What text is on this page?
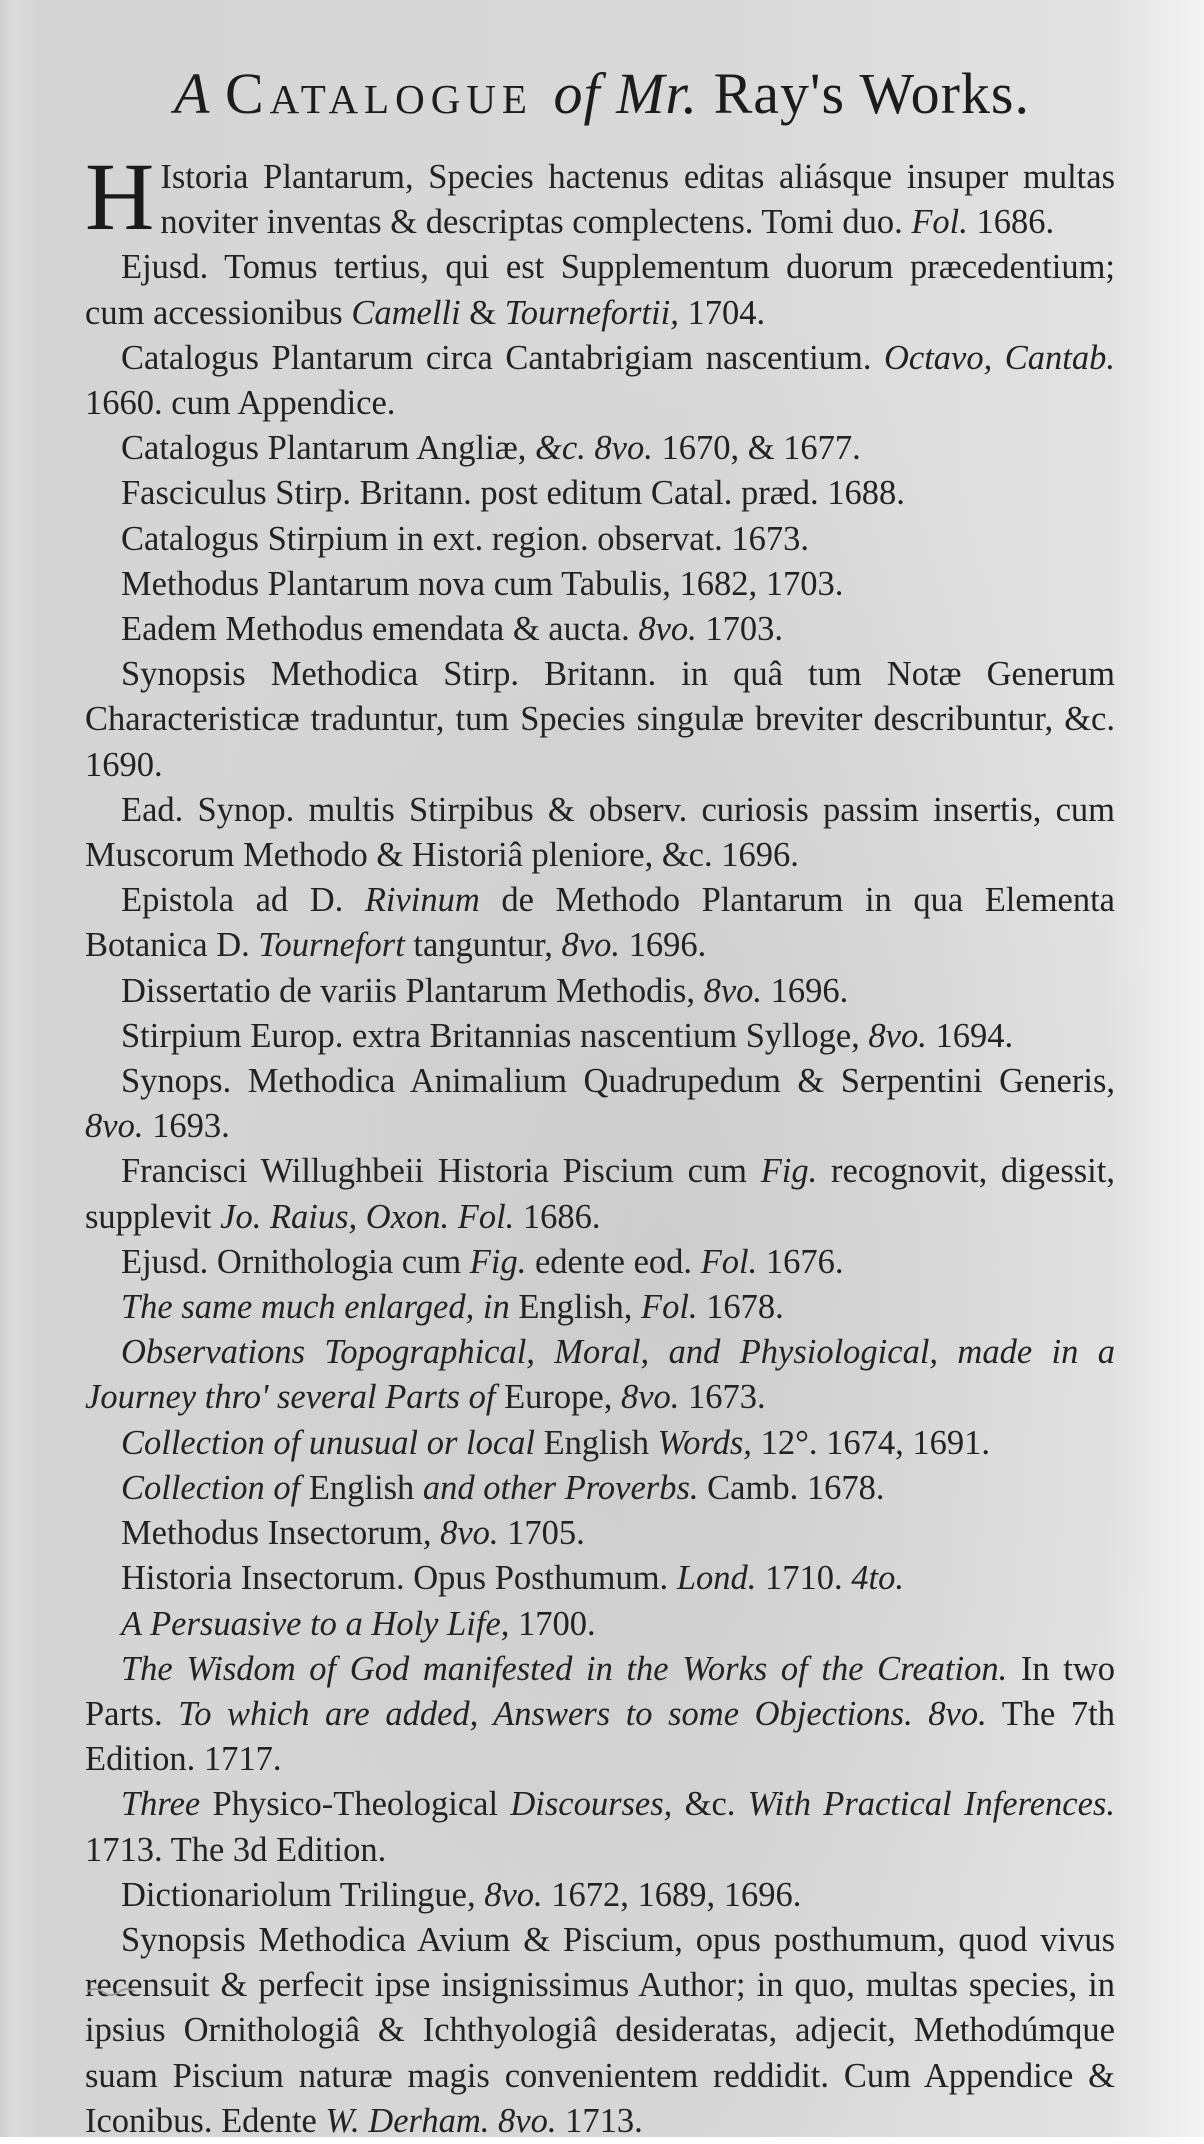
A Catalogue of Mr. Ray's Works.

H Istoria Plantarum, Species hactenus editas aliásque insuper multas noviter inventas & descriptas complectens. Tomi duo. Fol. 1686.

Ejusd. Tomus tertius, qui est Supplementum duorum præcedentium; cum accessionibus Camelli & Tournefortii, 1704.

Catalogus Plantarum circa Cantabrigiam nascentium. Octavo, Cantab. 1660. cum Appendice.

Catalogus Plantarum Angliæ, &c. 8vo. 1670, & 1677.

Fasciculus Stirp. Britann. post editum Catal. præd. 1688.

Catalogus Stirpium in ext. region. observat. 1673.

Methodus Plantarum nova cum Tabulis, 1682, 1703.

Eadem Methodus emendata & aucta. 8vo. 1703.

Synopsis Methodica Stirp. Britann. in quâ tum Notæ Generum Characteristicæ traduntur, tum Species singulæ breviter describuntur, &c. 1690.

Ead. Synop. multis Stirpibus & observ. curiosis passim insertis, cum Muscorum Methodo & Historiâ pleniore, &c. 1696.

Epistola ad D. Rivinum de Methodo Plantarum in qua Elementa Botanica D. Tournefort tanguntur, 8vo. 1696.

Dissertatio de variis Plantarum Methodis, 8vo. 1696.

Stirpium Europ. extra Britannias nascentium Sylloge, 8vo. 1694.

Synops. Methodica Animalium Quadrupedum & Serpentini Generis, 8vo. 1693.

Francisci Willughbeii Historia Piscium cum Fig. recognovit, digessit, supplevit Jo. Raius, Oxon. Fol. 1686.

Ejusd. Ornithologia cum Fig. edente eod. Fol. 1676.

The same much enlarged, in English, Fol. 1678.

Observations Topographical, Moral, and Physiological, made in a Journey thro' several Parts of Europe, 8vo. 1673.

Collection of unusual or local English Words, 12°. 1674, 1691.

Collection of English and other Proverbs. Camb. 1678.

Methodus Insectorum, 8vo. 1705.

Historia Insectorum. Opus Posthumum. Lond. 1710. 4to.

A Persuasive to a Holy Life, 1700.

The Wisdom of God manifested in the Works of the Creation. In two Parts. To which are added, Answers to some Objections. 8vo. The 7th Edition. 1717.

Three Physico-Theological Discourses, &c. With Practical Inferences. 1713. The 3d Edition.

Dictionariolum Trilingue, 8vo. 1672, 1689, 1696.

Synopsis Methodica Avium & Piscium, opus posthumum, quod vivus recensuit & perfecit ipse insignissimus Author; in quo, multas species, in ipsius Ornithologiâ & Ichthyologiâ desideratas, adjecit, Methodúmque suam Piscium naturæ magis convenientem reddidit. Cum Appendice & Iconibus. Edente W. Derham. 8vo. 1713.
